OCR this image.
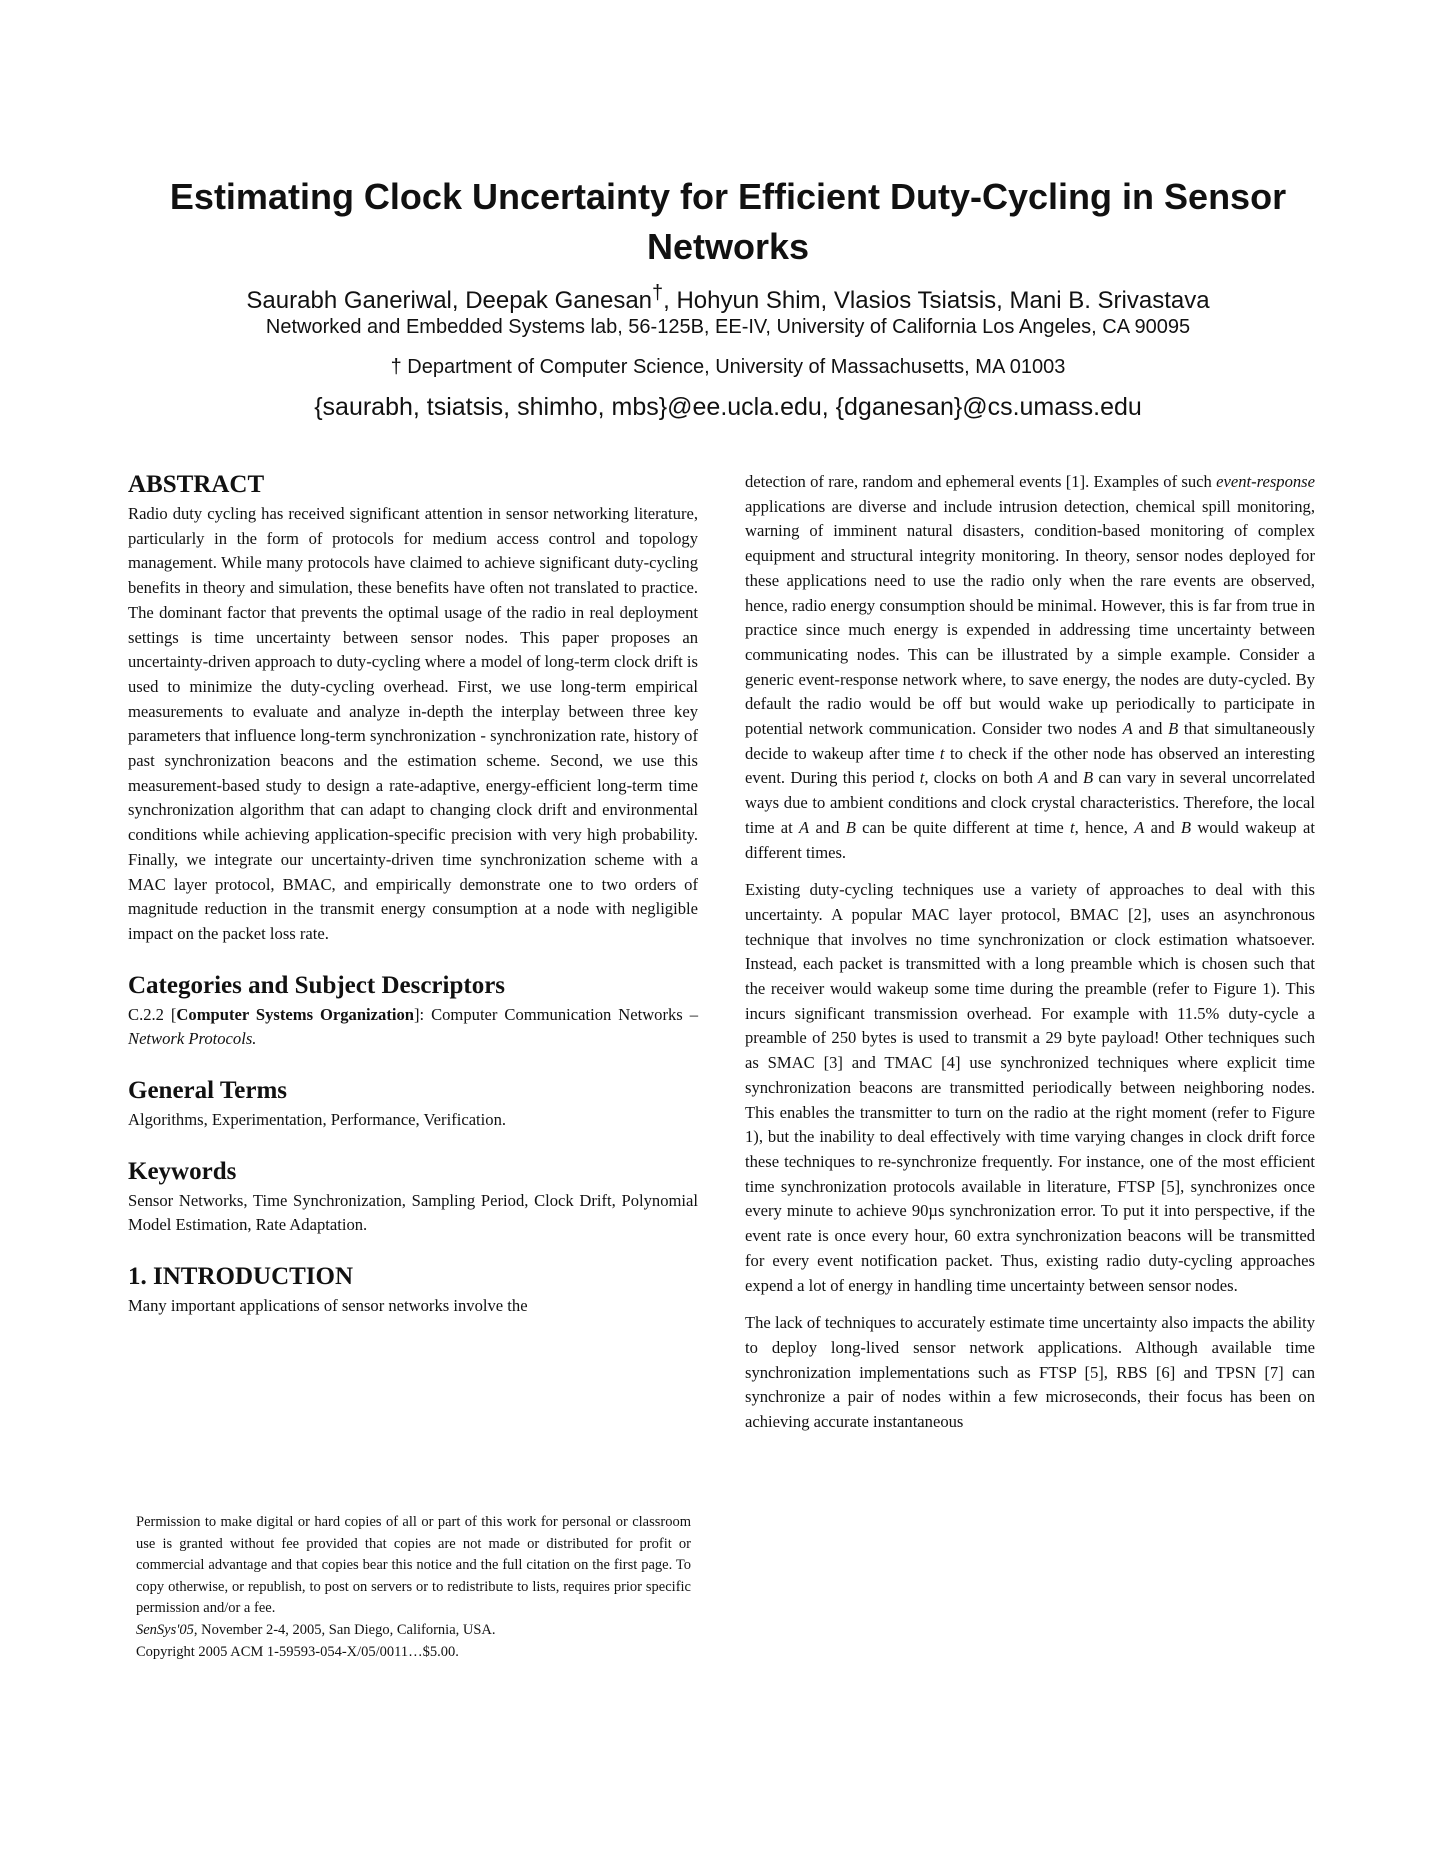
Estimating Clock Uncertainty for Efficient Duty-Cycling in Sensor Networks

Saurabh Ganeriwal, Deepak Ganesan†, Hohyun Shim, Vlasios Tsiatsis, Mani B. Srivastava

Networked and Embedded Systems lab, 56-125B, EE-IV, University of California Los Angeles, CA 90095

† Department of Computer Science, University of Massachusetts, MA 01003

{saurabh, tsiatsis, shimho, mbs}@ee.ucla.edu, {dganesan}@cs.umass.edu

ABSTRACT

Radio duty cycling has received significant attention in sensor networking literature, particularly in the form of protocols for medium access control and topology management. While many protocols have claimed to achieve significant duty-cycling benefits in theory and simulation, these benefits have often not translated to practice. The dominant factor that prevents the optimal usage of the radio in real deployment settings is time uncertainty between sensor nodes. This paper proposes an uncertainty-driven approach to duty-cycling where a model of long-term clock drift is used to minimize the duty-cycling overhead. First, we use long-term empirical measurements to evaluate and analyze in-depth the interplay between three key parameters that influence long-term synchronization - synchronization rate, history of past synchronization beacons and the estimation scheme. Second, we use this measurement-based study to design a rate-adaptive, energy-efficient long-term time synchronization algorithm that can adapt to changing clock drift and environmental conditions while achieving application-specific precision with very high probability. Finally, we integrate our uncertainty-driven time synchronization scheme with a MAC layer protocol, BMAC, and empirically demonstrate one to two orders of magnitude reduction in the transmit energy consumption at a node with negligible impact on the packet loss rate.

Categories and Subject Descriptors

C.2.2 [Computer Systems Organization]: Computer Communication Networks – Network Protocols.

General Terms

Algorithms, Experimentation, Performance, Verification.

Keywords

Sensor Networks, Time Synchronization, Sampling Period, Clock Drift, Polynomial Model Estimation, Rate Adaptation.

1. INTRODUCTION

Many important applications of sensor networks involve the

Permission to make digital or hard copies of all or part of this work for personal or classroom use is granted without fee provided that copies are not made or distributed for profit or commercial advantage and that copies bear this notice and the full citation on the first page. To copy otherwise, or republish, to post on servers or to redistribute to lists, requires prior specific permission and/or a fee.

SenSys'05, November 2-4, 2005, San Diego, California, USA.

Copyright 2005 ACM 1-59593-054-X/05/0011…$5.00.

detection of rare, random and ephemeral events [1]. Examples of such event-response applications are diverse and include intrusion detection, chemical spill monitoring, warning of imminent natural disasters, condition-based monitoring of complex equipment and structural integrity monitoring. In theory, sensor nodes deployed for these applications need to use the radio only when the rare events are observed, hence, radio energy consumption should be minimal. However, this is far from true in practice since much energy is expended in addressing time uncertainty between communicating nodes. This can be illustrated by a simple example. Consider a generic event-response network where, to save energy, the nodes are duty-cycled. By default the radio would be off but would wake up periodically to participate in potential network communication. Consider two nodes A and B that simultaneously decide to wakeup after time t to check if the other node has observed an interesting event. During this period t, clocks on both A and B can vary in several uncorrelated ways due to ambient conditions and clock crystal characteristics. Therefore, the local time at A and B can be quite different at time t, hence, A and B would wakeup at different times.

Existing duty-cycling techniques use a variety of approaches to deal with this uncertainty. A popular MAC layer protocol, BMAC [2], uses an asynchronous technique that involves no time synchronization or clock estimation whatsoever. Instead, each packet is transmitted with a long preamble which is chosen such that the receiver would wakeup some time during the preamble (refer to Figure 1). This incurs significant transmission overhead. For example with 11.5% duty-cycle a preamble of 250 bytes is used to transmit a 29 byte payload! Other techniques such as SMAC [3] and TMAC [4] use synchronized techniques where explicit time synchronization beacons are transmitted periodically between neighboring nodes. This enables the transmitter to turn on the radio at the right moment (refer to Figure 1), but the inability to deal effectively with time varying changes in clock drift force these techniques to re-synchronize frequently. For instance, one of the most efficient time synchronization protocols available in literature, FTSP [5], synchronizes once every minute to achieve 90µs synchronization error. To put it into perspective, if the event rate is once every hour, 60 extra synchronization beacons will be transmitted for every event notification packet. Thus, existing radio duty-cycling approaches expend a lot of energy in handling time uncertainty between sensor nodes.

The lack of techniques to accurately estimate time uncertainty also impacts the ability to deploy long-lived sensor network applications. Although available time synchronization implementations such as FTSP [5], RBS [6] and TPSN [7] can synchronize a pair of nodes within a few microseconds, their focus has been on achieving accurate instantaneous
